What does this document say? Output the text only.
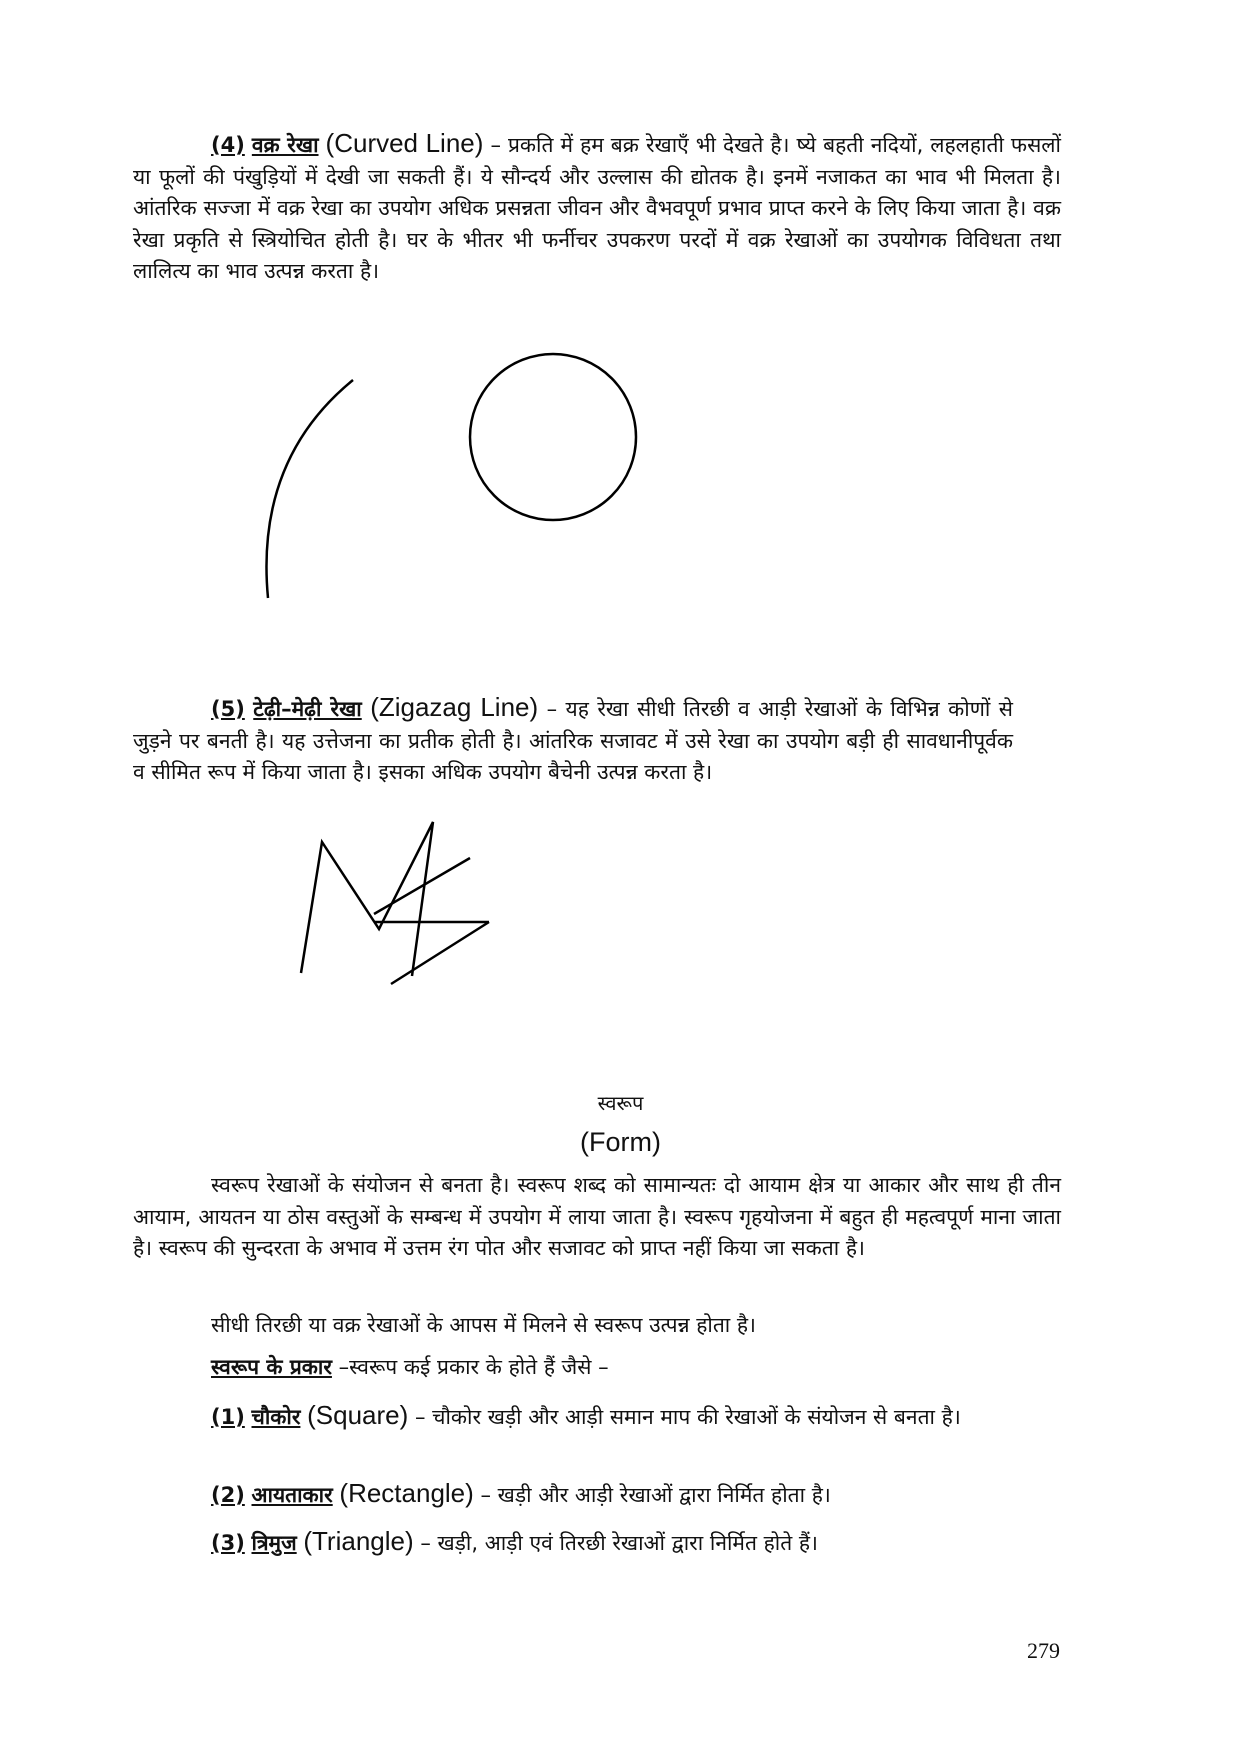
(4) वक्र रेखा (Curved Line) – प्रकति में हम बक्र रेखाएँ भी देखते है। ष्ये बहती नदियों, लहलहाती फसलों या फूलों की पंखुड़ियों में देखी जा सकती हैं। ये सौन्दर्य और उल्लास की द्योतक है। इनमें नजाकत का भाव भी मिलता है। आंतरिक सज्जा में वक्र रेखा का उपयोग अधिक प्रसन्नता जीवन और वैभवपूर्ण प्रभाव प्राप्त करने के लिए किया जाता है। वक्र रेखा प्रकृति से स्त्रियोचित होती है। घर के भीतर भी फर्नीचर उपकरण परदों में वक्र रेखाओं का उपयोगक विविधता तथा लालित्य का भाव उत्पन्न करता है।

(5) टेढ़ी–मेढ़ी रेखा (Zigazag Line) – यह रेखा सीधी तिरछी व आड़ी रेखाओं के विभिन्न कोणों से जुड़ने पर बनती है। यह उत्तेजना का प्रतीक होती है। आंतरिक सजावट में उसे रेखा का उपयोग बड़ी ही सावधानीपूर्वक व सीमित रूप में किया जाता है। इसका अधिक उपयोग बैचेनी उत्पन्न करता है।

स्वरूप
(Form)

स्वरूप रेखाओं के संयोजन से बनता है। स्वरूप शब्द को सामान्यतः दो आयाम क्षेत्र या आकार और साथ ही तीन आयाम, आयतन या ठोस वस्तुओं के सम्बन्ध में उपयोग में लाया जाता है। स्वरूप गृहयोजना में बहुत ही महत्वपूर्ण माना जाता है। स्वरूप की सुन्दरता के अभाव में उत्तम रंग पोत और सजावट को प्राप्त नहीं किया जा सकता है।

सीधी तिरछी या वक्र रेखाओं के आपस में मिलने से स्वरूप उत्पन्न होता है।

स्वरूप के प्रकार –स्वरूप कई प्रकार के होते हैं जैसे –

(1) चौकोर (Square) – चौकोर खड़ी और आड़ी समान माप की रेखाओं के संयोजन से बनता है।

(2) आयताकार (Rectangle) – खड़ी और आड़ी रेखाओं द्वारा निर्मित होता है।

(3) त्रिमुज (Triangle) – खड़ी, आड़ी एवं तिरछी रेखाओं द्वारा निर्मित होते हैं।

279
